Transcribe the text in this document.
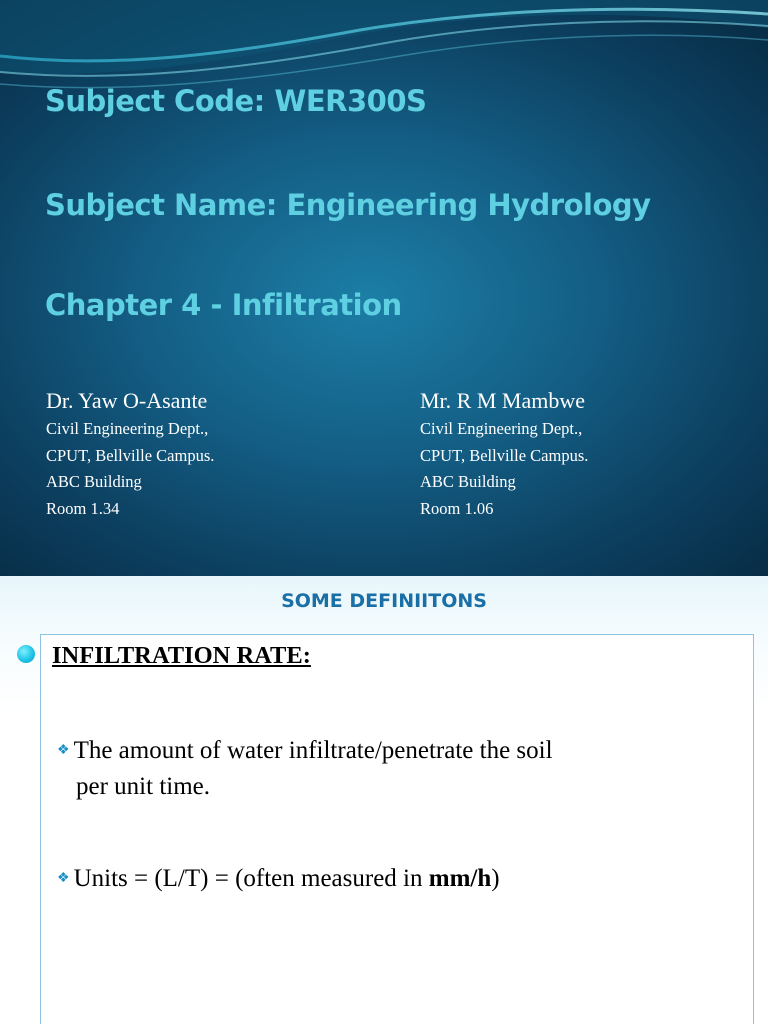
Subject Code: WER300S
Subject Name: Engineering Hydrology
Chapter 4 - Infiltration
Dr. Yaw O-Asante
Civil Engineering Dept.,
CPUT, Bellville Campus.
ABC Building
Room 1.34
Mr. R M Mambwe
Civil Engineering Dept.,
CPUT, Bellville Campus.
ABC Building
Room 1.06
SOME DEFINIITONS
INFILTRATION RATE:
❖ The amount of water infiltrate/penetrate the soil
per unit time.
❖ Units = (L/T) = (often measured in mm/h)
